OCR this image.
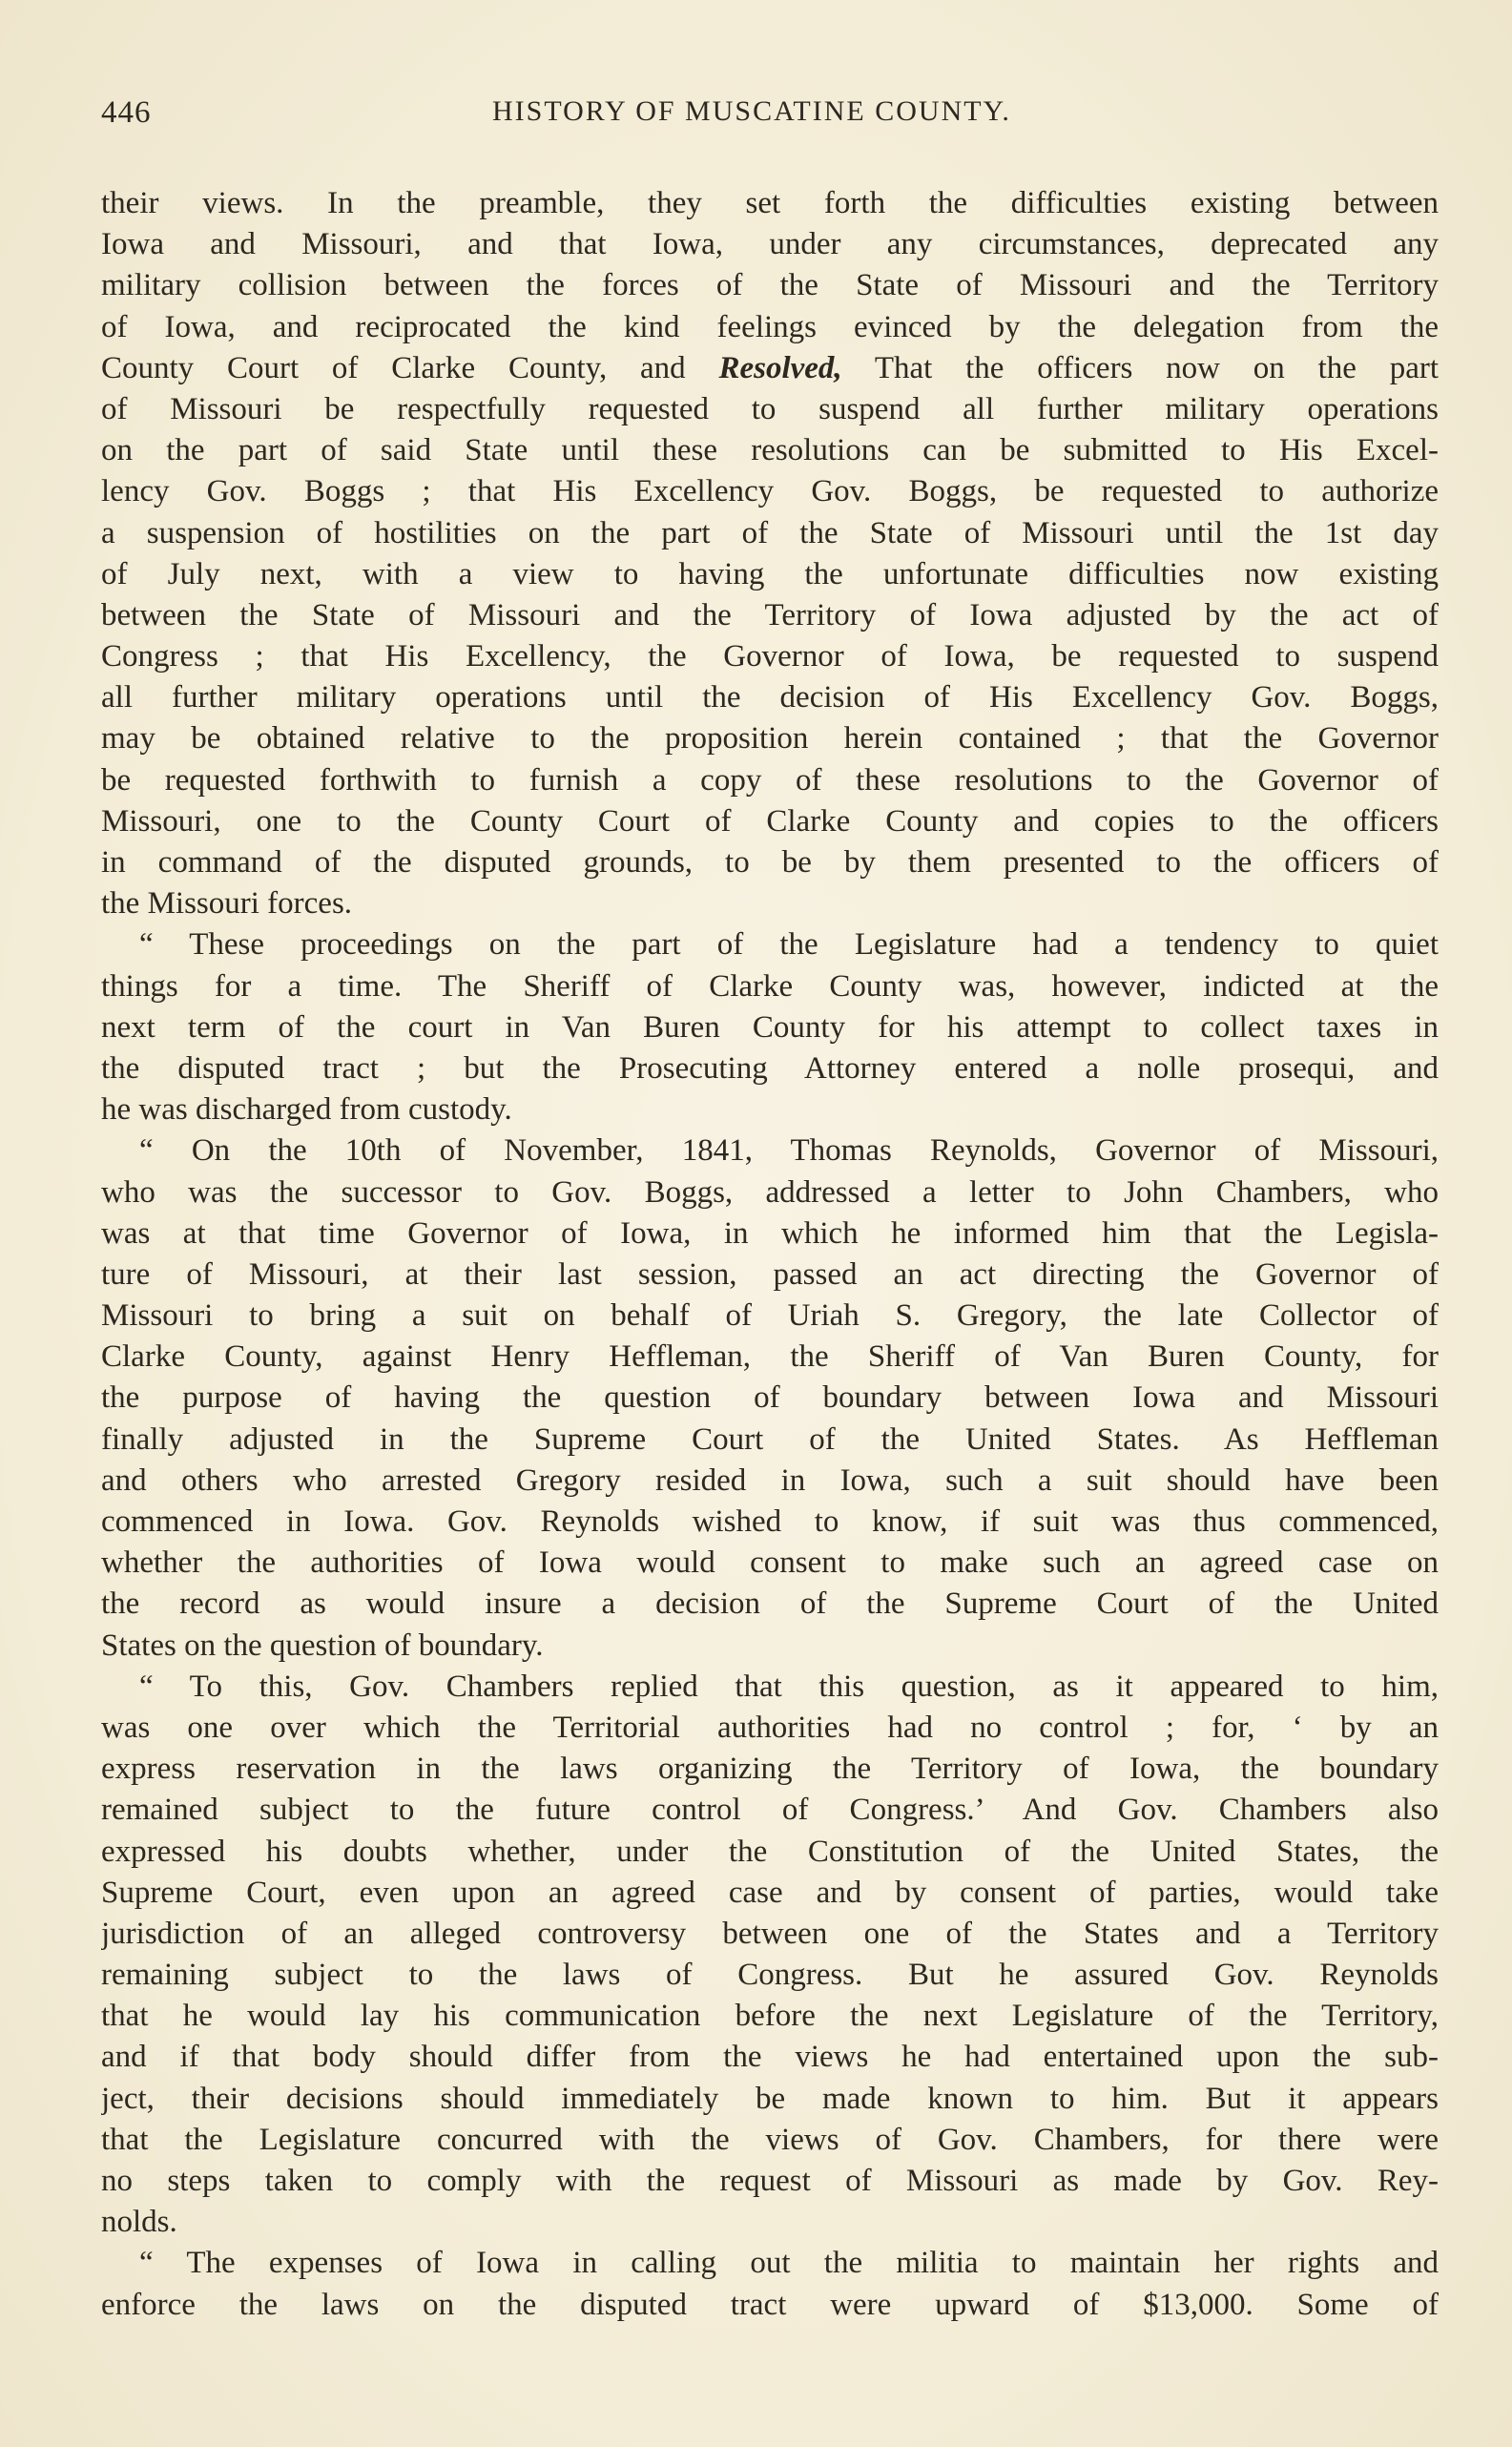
446	HISTORY OF MUSCATINE COUNTY.
their views. In the preamble, they set forth the difficulties existing between
Iowa and Missouri, and that Iowa, under any circumstances, deprecated any
military collision between the forces of the State of Missouri and the Territory
of Iowa, and reciprocated the kind feelings evinced by the delegation from the
County Court of Clarke County, and Resolved, That the officers now on the part
of Missouri be respectfully requested to suspend all further military operations
on the part of said State until these resolutions can be submitted to His Excel-
lency Gov. Boggs ; that His Excellency Gov. Boggs, be requested to authorize
a suspension of hostilities on the part of the State of Missouri until the 1st day
of July next, with a view to having the unfortunate difficulties now existing
between the State of Missouri and the Territory of Iowa adjusted by the act of
Congress ; that His Excellency, the Governor of Iowa, be requested to suspend
all further military operations until the decision of His Excellency Gov. Boggs,
may be obtained relative to the proposition herein contained ; that the Governor
be requested forthwith to furnish a copy of these resolutions to the Governor of
Missouri, one to the County Court of Clarke County and copies to the officers
in command of the disputed grounds, to be by them presented to the officers of
the Missouri forces.
“ These proceedings on the part of the Legislature had a tendency to quiet
things for a time. The Sheriff of Clarke County was, however, indicted at the
next term of the court in Van Buren County for his attempt to collect taxes in
the disputed tract ; but the Prosecuting Attorney entered a nolle prosequi, and
he was discharged from custody.
“ On the 10th of November, 1841, Thomas Reynolds, Governor of Missouri,
who was the successor to Gov. Boggs, addressed a letter to John Chambers, who
was at that time Governor of Iowa, in which he informed him that the Legisla-
ture of Missouri, at their last session, passed an act directing the Governor of
Missouri to bring a suit on behalf of Uriah S. Gregory, the late Collector of
Clarke County, against Henry Heffleman, the Sheriff of Van Buren County, for
the purpose of having the question of boundary between Iowa and Missouri
finally adjusted in the Supreme Court of the United States. As Heffleman
and others who arrested Gregory resided in Iowa, such a suit should have been
commenced in Iowa. Gov. Reynolds wished to know, if suit was thus commenced,
whether the authorities of Iowa would consent to make such an agreed case on
the record as would insure a decision of the Supreme Court of the United
States on the question of boundary.
“ To this, Gov. Chambers replied that this question, as it appeared to him,
was one over which the Territorial authorities had no control ; for, ‘ by an
express reservation in the laws organizing the Territory of Iowa, the boundary
remained subject to the future control of Congress.’ And Gov. Chambers also
expressed his doubts whether, under the Constitution of the United States, the
Supreme Court, even upon an agreed case and by consent of parties, would take
jurisdiction of an alleged controversy between one of the States and a Territory
remaining subject to the laws of Congress. But he assured Gov. Reynolds
that he would lay his communication before the next Legislature of the Territory,
and if that body should differ from the views he had entertained upon the sub-
ject, their decisions should immediately be made known to him. But it appears
that the Legislature concurred with the views of Gov. Chambers, for there were
no steps taken to comply with the request of Missouri as made by Gov. Rey-
nolds.
“ The expenses of Iowa in calling out the militia to maintain her rights and
enforce the laws on the disputed tract were upward of $13,000. Some of
